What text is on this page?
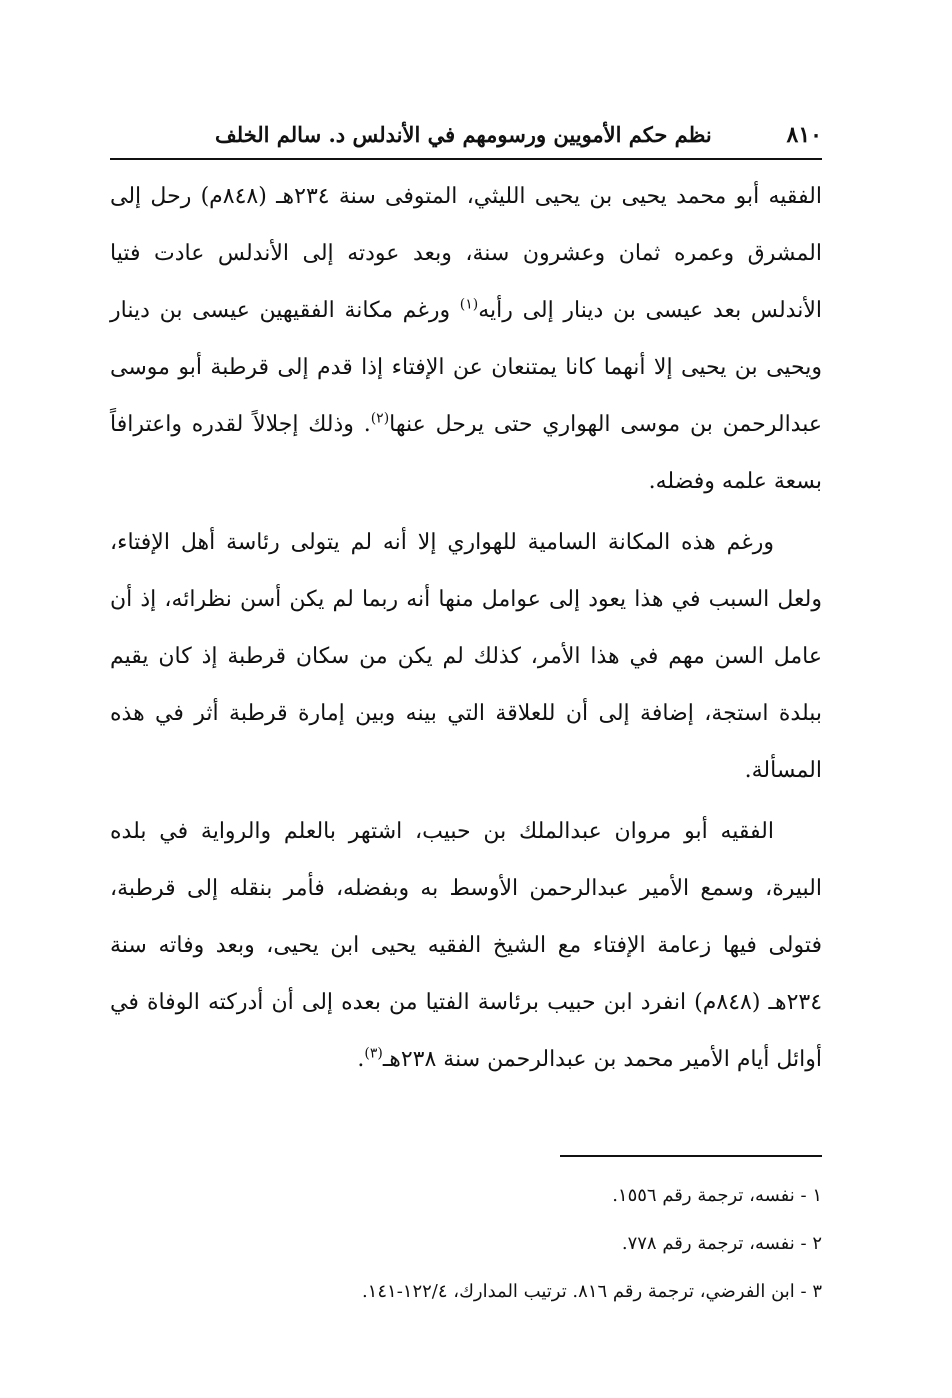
٨١٠
نظم حكم الأمويين ورسومهم في الأندلس د. سالم الخلف

الفقيه أبو محمد يحيى بن يحيى الليثي، المتوفى سنة ٢٣٤هـ (٨٤٨م) رحل إلى المشرق وعمره ثمان وعشرون سنة، وبعد عودته إلى الأندلس عادت فتيا الأندلس بعد عيسى بن دينار إلى رأيه$^{(١)}$ ورغم مكانة الفقيهين عيسى بن دينار ويحيى بن يحيى إلا أنهما كانا يمتنعان عن الإفتاء إذا قدم إلى قرطبة أبو موسى عبدالرحمن بن موسى الهواري حتى يرحل عنها$^{(٢)}$. وذلك إجلالاً لقدره واعترافاً بسعة علمه وفضله.

ورغم هذه المكانة السامية للهواري إلا أنه لم يتولى رئاسة أهل الإفتاء، ولعل السبب في هذا يعود إلى عوامل منها أنه ربما لم يكن أسن نظرائه، إذ أن عامل السن مهم في هذا الأمر، كذلك لم يكن من سكان قرطبة إذ كان يقيم ببلدة استجة، إضافة إلى أن للعلاقة التي بينه وبين إمارة قرطبة أثر في هذه المسألة.

الفقيه أبو مروان عبدالملك بن حبيب، اشتهر بالعلم والرواية في بلده البيرة، وسمع الأمير عبدالرحمن الأوسط به وبفضله، فأمر بنقله إلى قرطبة، فتولى فيها زعامة الإفتاء مع الشيخ الفقيه يحيى ابن يحيى، وبعد وفاته سنة ٢٣٤هـ (٨٤٨م) انفرد ابن حبيب برئاسة الفتيا من بعده إلى أن أدركته الوفاة في أوائل أيام الأمير محمد بن عبدالرحمن سنة ٢٣٨هـ$^{(٣)}$.

١ - نفسه، ترجمة رقم ١٥٥٦.

٢ - نفسه، ترجمة رقم ٧٧٨.

٣ - ابن الفرضي، ترجمة رقم ٨١٦. ترتيب المدارك، ١٢٢/٤-١٤١.
